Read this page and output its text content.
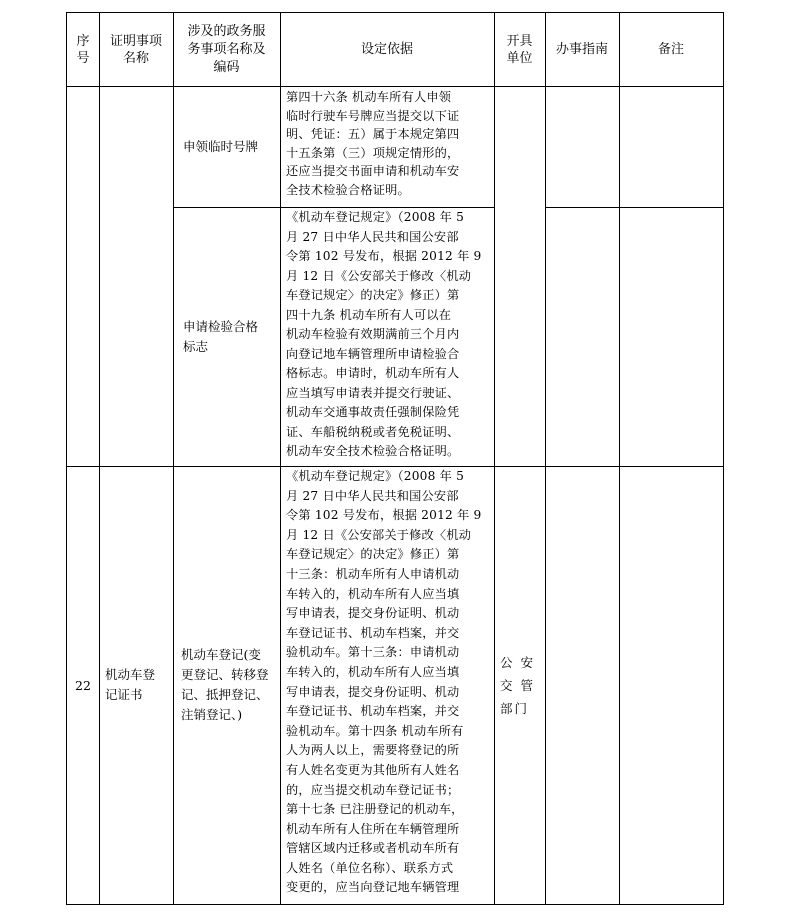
序
号
证明事项
名称
涉及的政务服
务事项名称及
编码
设定依据
开具
单位
办事指南	备注
申领临时号牌
第四十六条 机动车所有人申领
临时行驶车号牌应当提交以下证
明、凭证：五）属于本规定第四
十五条第（三）项规定情形的，
还应当提交书面申请和机动车安
全技术检验合格证明。
申请检验合格
标志
《机动车登记规定》（2008 年 5
月 27 日中华人民共和国公安部
令第 102 号发布，根据 2012 年 9
月 12 日《公安部关于修改〈机动
车登记规定〉的决定》修正）第
四十九条 机动车所有人可以在
机动车检验有效期满前三个月内
向登记地车辆管理所申请检验合
格标志。申请时，机动车所有人
应当填写申请表并提交行驶证、
机动车交通事故责任强制保险凭
证、车船税纳税或者免税证明、
机动车安全技术检验合格证明。
22
机动车登
记证书
机动车登记(变
更登记、转移登
记、抵押登记、
注销登记、)
《机动车登记规定》（2008 年 5
月 27 日中华人民共和国公安部
令第 102 号发布，根据 2012 年 9
月 12 日《公安部关于修改〈机动
车登记规定〉的决定》修正）第
十三条：机动车所有人申请机动
车转入的，机动车所有人应当填
写申请表，提交身份证明、机动
车登记证书、机动车档案，并交
验机动车。第十三条：申请机动
车转入的，机动车所有人应当填
写申请表，提交身份证明、机动
车登记证书、机动车档案，并交
验机动车。第十四条 机动车所有
人为两人以上，需要将登记的所
有人姓名变更为其他所有人姓名
的，应当提交机动车登记证书；
第十七条 已注册登记的机动车，
机动车所有人住所在车辆管理所
管辖区域内迁移或者机动车所有
人姓名（单位名称）、联系方式
变更的，应当向登记地车辆管理
公 安
交 管
部门
